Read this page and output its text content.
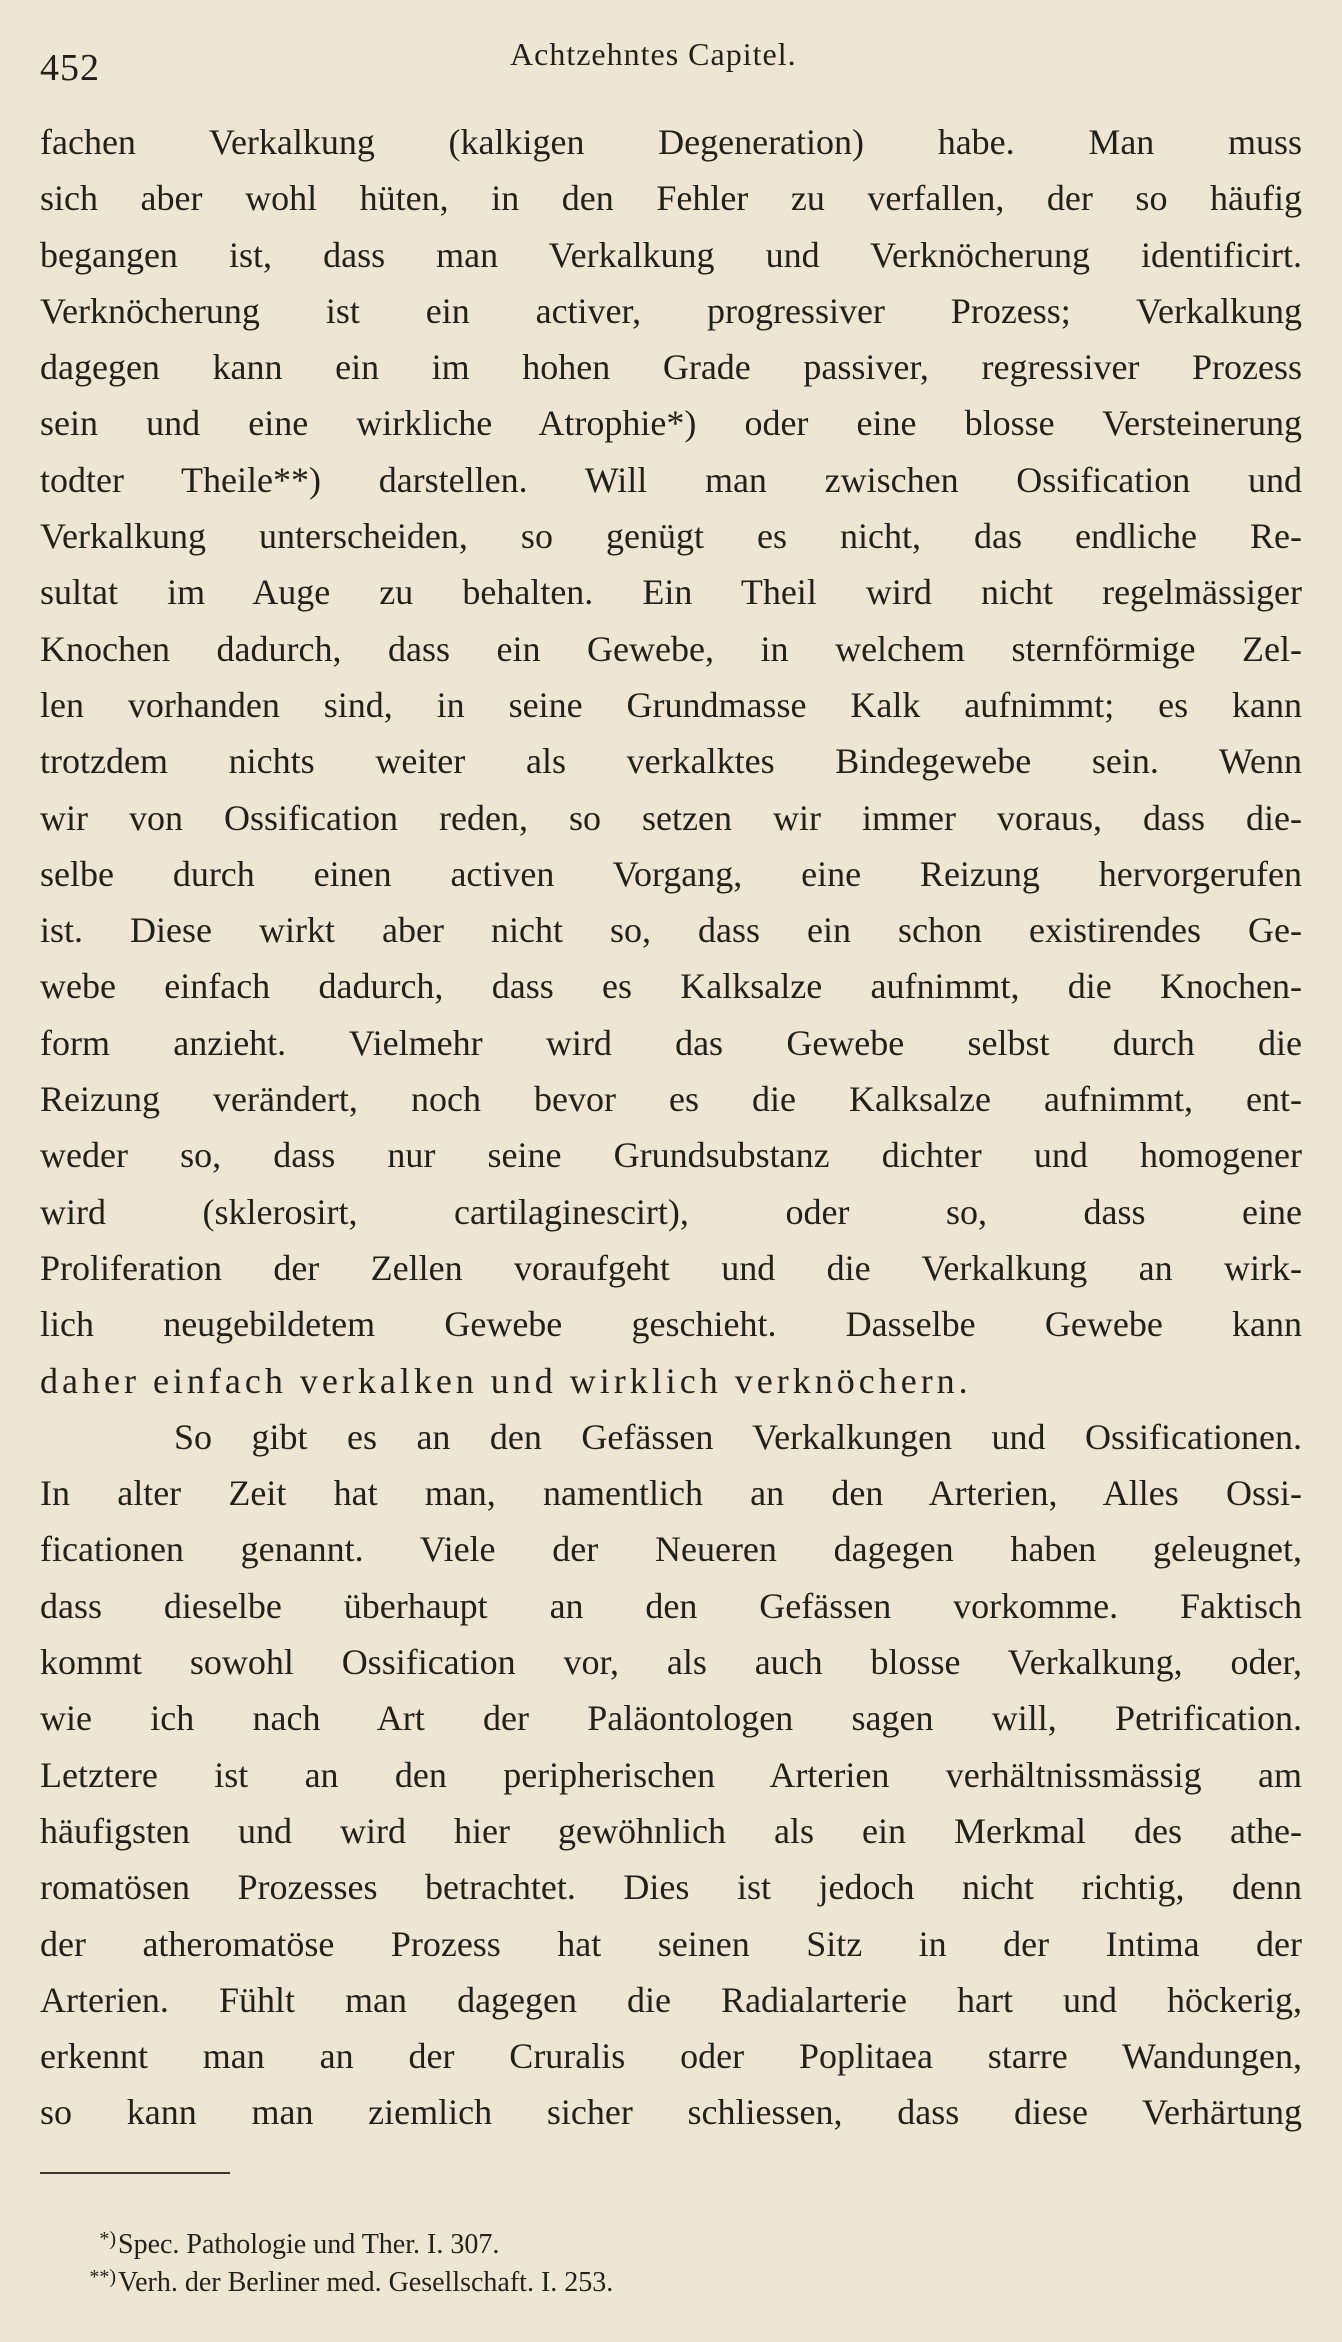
452	Achtzehntes Capitel.
fachen Verkalkung (kalkigen Degeneration) habe. Man muss
sich aber wohl hüten, in den Fehler zu verfallen, der so häufig
begangen ist, dass man Verkalkung und Verknöcherung identificirt.
Verknöcherung ist ein activer, progressiver Prozess; Verkalkung
dagegen kann ein im hohen Grade passiver, regressiver Prozess
sein und eine wirkliche Atrophie*) oder eine blosse Versteinerung
todter Theile**) darstellen. Will man zwischen Ossification und
Verkalkung unterscheiden, so genügt es nicht, das endliche Re-
sultat im Auge zu behalten. Ein Theil wird nicht regelmässiger
Knochen dadurch, dass ein Gewebe, in welchem sternförmige Zel-
len vorhanden sind, in seine Grundmasse Kalk aufnimmt; es kann
trotzdem nichts weiter als verkalktes Bindegewebe sein. Wenn
wir von Ossification reden, so setzen wir immer voraus, dass die-
selbe durch einen activen Vorgang, eine Reizung hervorgerufen
ist. Diese wirkt aber nicht so, dass ein schon existirendes Ge-
webe einfach dadurch, dass es Kalksalze aufnimmt, die Knochen-
form anzieht. Vielmehr wird das Gewebe selbst durch die
Reizung verändert, noch bevor es die Kalksalze aufnimmt, ent-
weder so, dass nur seine Grundsubstanz dichter und homogener
wird (sklerosirt, cartilaginescirt), oder so, dass eine
Proliferation der Zellen voraufgeht und die Verkalkung an wirk-
lich neugebildetem Gewebe geschieht. Dasselbe Gewebe kann
daher einfach verkalken und wirklich verknöchern.
So gibt es an den Gefässen Verkalkungen und Ossificationen.
In alter Zeit hat man, namentlich an den Arterien, Alles Ossi-
ficationen genannt. Viele der Neueren dagegen haben geleugnet,
dass dieselbe überhaupt an den Gefässen vorkomme. Faktisch
kommt sowohl Ossification vor, als auch blosse Verkalkung, oder,
wie ich nach Art der Paläontologen sagen will, Petrification.
Letztere ist an den peripherischen Arterien verhältnissmässig am
häufigsten und wird hier gewöhnlich als ein Merkmal des athe-
romatösen Prozesses betrachtet. Dies ist jedoch nicht richtig, denn
der atheromatöse Prozess hat seinen Sitz in der Intima der
Arterien. Fühlt man dagegen die Radialarterie hart und höckerig,
erkennt man an der Cruralis oder Poplitaea starre Wandungen,
so kann man ziemlich sicher schliessen, dass diese Verhärtung
*) Spec. Pathologie und Ther. I. 307.
**) Verh. der Berliner med. Gesellschaft. I. 253.
